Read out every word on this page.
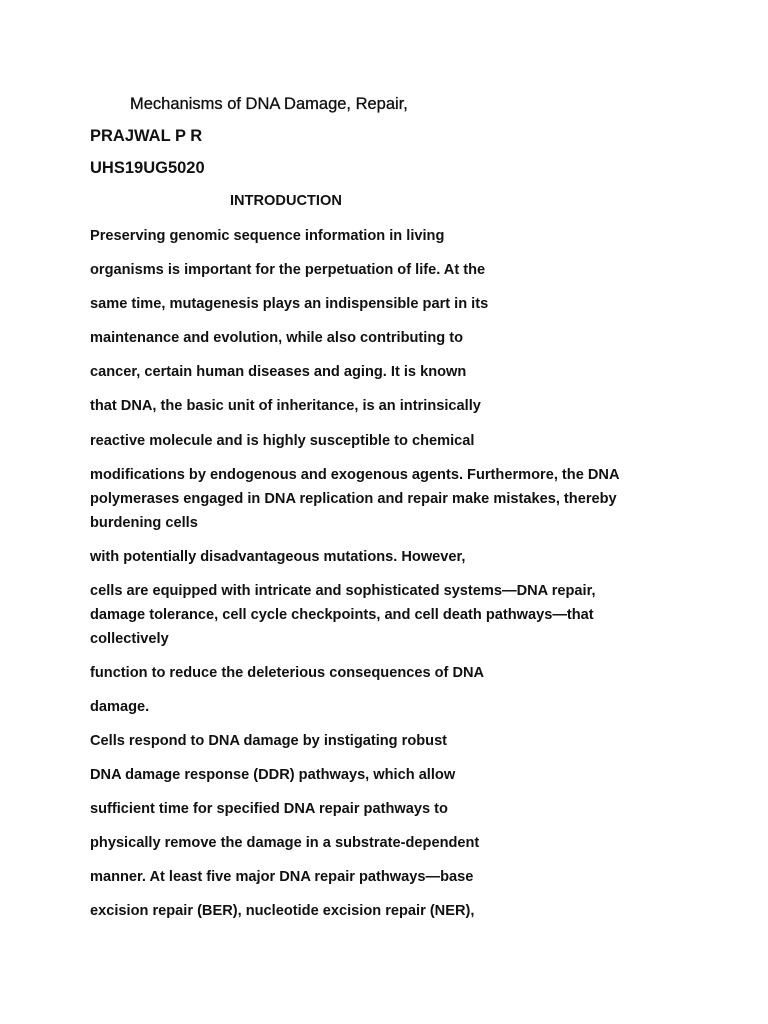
Mechanisms of DNA Damage, Repair,

PRAJWAL P R

UHS19UG5020

INTRODUCTION

Preserving genomic sequence information in living

organisms is important for the perpetuation of life. At the

same time, mutagenesis plays an indispensible part in its

maintenance and evolution, while also contributing to

cancer, certain human diseases and aging. It is known

that DNA, the basic unit of inheritance, is an intrinsically

reactive molecule and is highly susceptible to chemical

modifications by endogenous and exogenous agents. Furthermore, the DNA polymerases engaged in DNA replication and repair make mistakes, thereby burdening cells

with potentially disadvantageous mutations. However,

cells are equipped with intricate and sophisticated systems—DNA repair, damage tolerance, cell cycle checkpoints, and cell death pathways—that collectively

function to reduce the deleterious consequences of DNA

damage.

Cells respond to DNA damage by instigating robust

DNA damage response (DDR) pathways, which allow

sufficient time for specified DNA repair pathways to

physically remove the damage in a substrate-dependent

manner. At least five major DNA repair pathways—base

excision repair (BER), nucleotide excision repair (NER),
